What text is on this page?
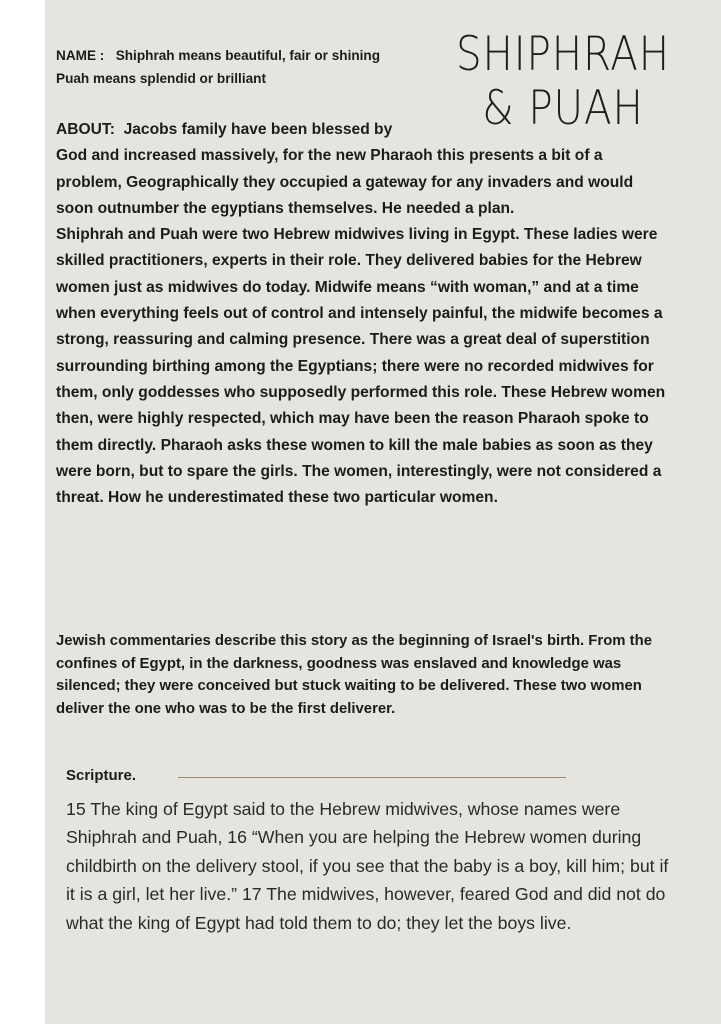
NAME : Shiphrah means beautiful, fair or shining Puah means splendid or brilliant	SHIPHRAH
& PUAH
ABOUT: Jacobs family have been blessed by
God and increased massively, for the new Pharaoh this presents a bit of a problem, Geographically they occupied a gateway for any invaders and would soon outnumber the egyptians themselves. He needed a plan.
Shiphrah and Puah were two Hebrew midwives living in Egypt. These ladies were skilled practitioners, experts in their role. They delivered babies for the Hebrew women just as midwives do today. Midwife means “with woman,” and at a time when everything feels out of control and intensely painful, the midwife becomes a strong, reassuring and calming presence. There was a great deal of superstition surrounding birthing among the Egyptians; there were no recorded midwives for them, only goddesses who supposedly performed this role. These Hebrew women then, were highly respected, which may have been the reason Pharaoh spoke to them directly. Pharaoh asks these women to kill the male babies as soon as they were born, but to spare the girls. The women, interestingly, were not considered a threat. How he underestimated these two particular women.
Jewish commentaries describe this story as the beginning of Israel's birth. From the confines of Egypt, in the darkness, goodness was enslaved and knowledge was silenced; they were conceived but stuck waiting to be delivered. These two women deliver the one who was to be the first deliverer.
Scripture.
15 The king of Egypt said to the Hebrew midwives, whose names were Shiphrah and Puah, 16 “When you are helping the Hebrew women during childbirth on the delivery stool, if you see that the baby is a boy, kill him; but if it is a girl, let her live.” 17 The midwives, however, feared God and did not do what the king of Egypt had told them to do; they let the boys live.
